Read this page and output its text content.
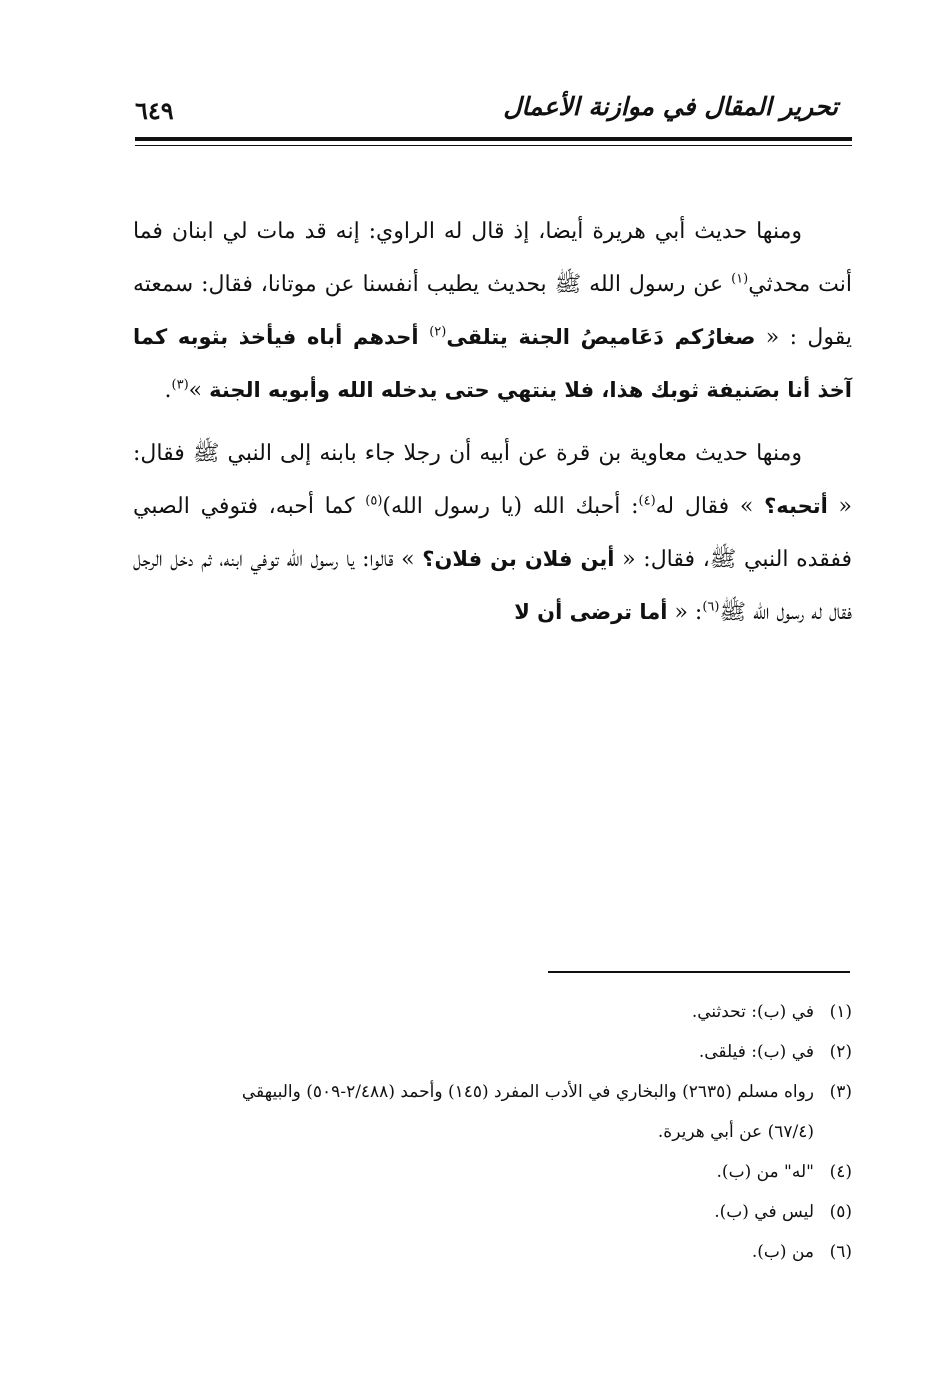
٦٤٩	تحرير المقال في موازنة الأعمال

ومنها حديث أبي هريرة أيضا، إذ قال له الراوي: إنه قد مات لي ابنان فما أنت محدثي$^{(١)}$ عن رسول الله ﷺ بحديث يطيب أنفسنا عن موتانا، فقال: سمعته يقول : « صغارُكم دَعَاميصُ الجنة يتلقى$^{(٢)}$ أحدهم أباه فيأخذ بثوبه كما آخذ أنا بصَنيفة ثوبك هذا، فلا ينتهي حتى يدخله الله وأبويه الجنة »$^{(٣)}$.

ومنها حديث معاوية بن قرة عن أبيه أن رجلا جاء بابنه إلى النبي ﷺ فقال: « أتحبه؟ » فقال له$^{(٤)}$: أحبك الله (يا رسول الله)$^{(٥)}$ كما أحبه، فتوفي الصبي ففقده النبي ﷺ، فقال: « أين فلان بن فلان؟ » قالوا: يا رسول الله توفي ابنه، ثم دخل الرجل فقال له رسول الله ﷺ$^{(٦)}$: « أما ترضى أن لا

(١)في (ب): تحدثني.

(٢)في (ب): فيلقى.

(٣)رواه مسلم (٢٦٣٥) والبخاري في الأدب المفرد (١٤٥) وأحمد (٢/٤٨٨-٥٠٩) والبيهقي

(٦٧/٤) عن أبي هريرة.

(٤)"له" من (ب).

(٥)ليس في (ب).

(٦)من (ب).
